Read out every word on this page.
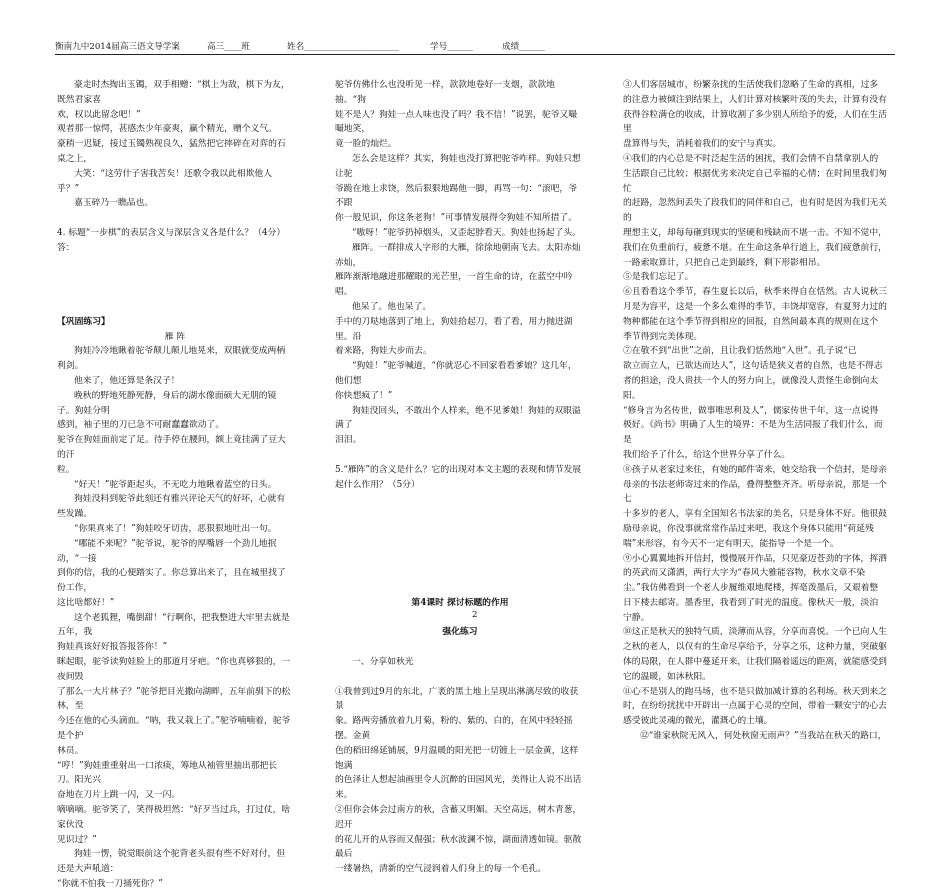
衡南九中2014届高三语文导学案	高三____班	姓名______________________	学号______	成绩______

豪走时杰掏出玉镯，双手相赠：“棋上为敌，棋下为友，既然君家喜

欢，权以此留念吧！”

观者那一惊愕，甚感杰少年豪爽，赢个精光，赠个义气。

豪稍一迟疑，接过玉镯熟视良久，猛然把它摔碎在对弈的石桌之上，

大笑：“这劳什子害我苦矣！还歌令我以此相欺他人乎？”

嘉玉碎乃一瞧品也。

4. 标题“一步棋”的表层含义与深层含义各是什么？（4分）

答：

【巩固练习】

雁 阵

狗娃冷冷地瞅着驼爷颠儿颠儿地晃来，双眼就变成两柄利剑。

他来了，他还算是条汉子！

晚秋的野地死静死静，身后的湖水像面硕大无朋的镜子。狗娃分明

感到，袖子里的刀已急不可耐蠢蠢欲动了。

驼爷在狗娃面前定了足。待手停在腰间，额上竟挂满了豆大的汗

粒。

“好天！”驼爷距起头，不无吃力地瞅着蓝空的日头。

狗娃没料到驼爷此刻还有雅兴评论天气的好坏，心就有些发躁。

“你果真来了！”狗娃咬牙切齿，恶狠狠地吐出一句。

“哪能不来呢？”驼爷说，驼爷的厚嘴唇一个劲儿地抿动，“一接

到你的信，我的心便踏实了。你总算出来了，且在城里找了份工作，

这比啥都好！”

这个老狐狸，嘴倒甜！“行啊你，把我整进大牢里去就是五年，我

狗娃真该好好报答报答你！”

眯起眼，驼爷读狗娃脸上的那道月牙疤。“你也真够狠的，一夜间毁

了那么一大片林子？”驼爷把目光撒向湖畔，五年前驯下的松林，至

今还在他的心头滴血。“呐，我又栽上了。”驼爷喃喃着，驼爷是个护

林员。

“哼！”狗娃重重射出一口浓痰，筹地从袖管里抽出那把长刀。阳光兴

奋地在刀片上跳一闪，又一闪。

嘀嘀嘀。驼爷笑了，笑得极坦然：“好歹当过兵，打过仗，啥家伙没

见识过？”

狗娃一愣，锐觉眼前这个驼背老头很有些不好对付，但还是大声吼道：

“你就不怕我一刀捅死你？”

驼爷仿佛什么也没听见一样，款款地卷好一支烟，款款地抽。“狗

娃不是人？狗娃一点人味也没了吗？我不信！”说罢，驼爷又嘬嘬地笑，

竟一脸的灿烂。

怎么会是这样？其实，狗娃也没打算把驼爷咋样。狗娃只想让驼

爷跪在地上求饶，然后狠狠地踢他一脚，再骂一句：“滚吧，爷不跟

你一般见识，你这条老狗！”可事情发展得令狗娃不知所措了。

“嗷呀！”驼爷扔掉烟头，又歪起脖看天。狗娃也扬起了头。

雁阵。一群排成人字形的大雁，徐徐地朝南飞去。太阳赤灿赤灿，

雁阵渐渐地融进那耀眼的光芒里，一首生命的诗，在蓝空中吟唱。

他呆了。他也呆了。

手中的刀哒地落到了地上，狗娃拾起刀，看了看，用力抛进湖里。沿

着来路，狗娃大步而去。

“狗娃！”驼爷喊道，“你就忍心不回家看看爹娘？这几年，他们想

你快想疯了！”

狗娃没回头，不敢出个人样来，绝不见爹娘！狗娃的双眼溢满了

泪泪。

5.“雁阵”的含义是什么？它的出现对本文主题的表现和情节发展

起什么作用？（5分）

第4课时 探讨标题的作用

强化练习

一、分享如秋光

①我曾到过9月的东北，广袤的黑土地上呈现出淋漓尽致的收获景

象。路两旁播放着九月菊，粉的、紫的、白的，在风中轻轻摇摆。金黄

色的稻田绵延铺展，9月温暖的阳光把一切镀上一层金黄，这样饱满

的色泽让人想起油画里令人沉醉的田园风光，美得让人说不出话来。

②但你会体会过南方的秋，含蓄又明媚。天空高远，树木青葱，迟开

的花儿开的从容而又倔强；秋水波澜不惊，湖面清透如镜。驱散最后

一缕暑热，清新的空气浸润着人们身上的每一个毛孔。

③人们客居城市，纷繁杂扰的生活使我们忽略了生命的真相，过多

的注意力被倾注到结果上，人们计算对核繁叶茂的失去，计算有没有

获得谷粒满仓的收成，计算收割了多少别人所给予的爱，人们在生活里

盘算得与失，消耗着我们的安宁与真实。

④我们的内心总是不时泛起生活的困扰，我们会情不自禁拿别人的

生活跟自己比较；根据优劣来决定自己幸福的心情；在时间里我们匆忙

的赶路，忽然间丢失了段我们的同伴和自己，也有时是因为我们无关的

理想主义，却每每砸到现实的坚硬和残缺而不堪一击。不知不觉中，

我们在负重前行，疲惫不堪。在生命这条单行道上，我们疲惫前行，

一路索取算计，只把自己走到最终，剩下形影相吊。

⑤是我们忘记了。

⑥且看看这个季节，春生夏长以后，秋季来得自在恬然。古人说秋三

月是为容平，这是一个多么难得的季节，丰饶却宽容，有夏努力过的

物种都能在这个季节得到相应的回报，自然间最本真的规则在这个

季节得到完美体现。

⑦在敬不到“出世”之前，且让我们恬然地“入世”。孔子说“已

欲立而立人，已欲达而达人”，这句话是狭义者的自然，也是不得志

者的担途，没人贵扶一个人的努力向上，就像没人责怪生命倒向太阳。

“修身言为名传世，做事唯思利及人”，儒家传世千年，这一点说得

极好。《尚书》明确了人生的境界：不是为生活同报了我们什么，而是

我们给予了什么，给这个世界分享了什么。

⑧孩子从老家过来住，有她的邮件寄来，她交给我一个信封，是母亲

母亲的书法老师寄过来的作品，叠得整整齐齐。听母亲说，那是一个七

十多岁的老人，享有全国知名书法家的美名，只是身体不好。他很鼓

励母亲说，你没事就常常作品过来吧，我这个身体只能用“荷延残

喘”来形容，有今天不一定有明天，能指导一个是一个。

⑨小心翼翼地拆开信封，慢慢展开作品，只见豪迈苍劲的字体，挥洒

的英武而又潇洒，两行大字为“春风大雅能容物，秋水文章不染

尘。”我仿佛看到一个老人步履维艰地爬楼，挥毫泼墨后，又艰着整

日下楼去邮寄。墨香里，我看到了时光的温度。像秋天一般，淡泊

宁静。

⑩这正是秋天的独特气质，淡薄而从容，分享而喜悦。一个已向人生

之秋的老人，以仅有的生命尽享给予，分享之乐，这种力量，突破躯

体的局限，在人群中蔓延开来，让我们隔着遥远的距离，就能感受到

它的温暖，如沐秋阳。

⑪心不是别人的跑马场，也不是只做加减计算的名利场。秋天到来之

时，在纷纷扰扰中开辟出一点属于心灵的空间，带着一颗安宁的心去

感受彼此灵魂的微光，灌溉心的土壤。

⑫“谁家秋院无风入，何处秋窗无雨声？”当我站在秋天的路口，

2
